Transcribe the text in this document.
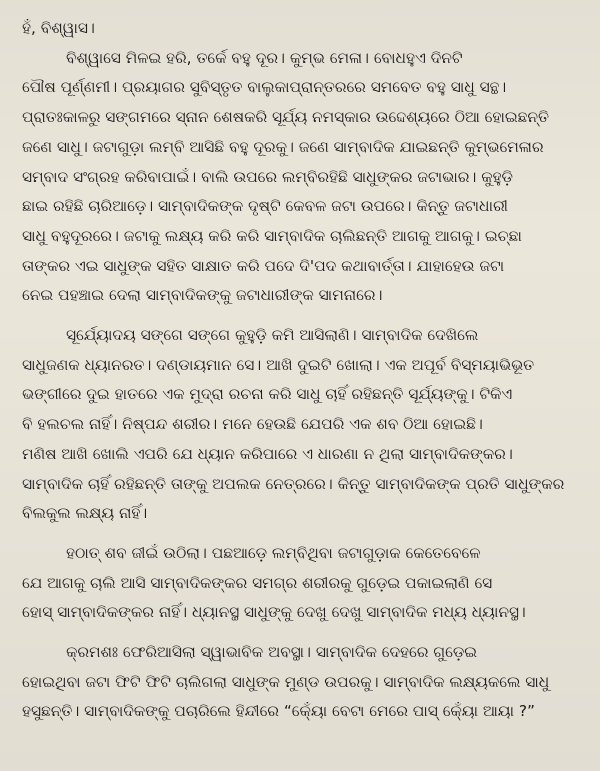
ହଁ, ବିଶ୍ୱାସ।

ବିଶ୍ୱାସେ ମିଳଇ ହରି, ତର୍କେ ବହୁ ଦୂର। କୁମ୍ଭ ମେଳା। ବୋଧହୁଏ ଦିନଟି
ପୌଷ ପୂର୍ଣ୍ଣମୀ। ପ୍ରୟାଗର ସୁବିସ୍ତୃତ ବାଲୁକାପ୍ରାନ୍ତରରେ ସମବେତ ବହୁ ସାଧୁ ସନ୍ଥ।
ପ୍ରାତଃକାଳରୁ ସଙ୍ଗମରେ ସ୍ନାନ ଶେଷକରି ସୂର୍ଯ୍ୟ ନମସ୍କାର ଉଦ୍ଦେଶ୍ୟରେ ଠିଆ ହୋଇଛନ୍ତି
ଜଣେ ସାଧୁ। ଜଟାଗୁଡ଼ା ଲମ୍ବି ଆସିଛି ବହୁ ଦୂରକୁ। ଜଣେ ସାମ୍ବାଦିକ ଯାଇଛନ୍ତି କୁମ୍ଭମେଳାର
ସମ୍ବାଦ ସଂଗ୍ରହ କରିବାପାଇଁ। ବାଲି ଉପରେ ଲମ୍ବିରହିଛି ସାଧୁଙ୍କର ଜଟାଭାର। କୁହୁଡ଼ି
ଛାଇ ରହିଛି ଚାରିଆଡ଼େ। ସାମ୍ବାଦିକଙ୍କ ଦୃଷ୍ଟି କେବଳ ଜଟା ଉପରେ। କିନ୍ତୁ ଜଟାଧାରୀ
ସାଧୁ ବହୁଦୂରରେ। ଜଟାକୁ ଲକ୍ଷ୍ୟ କରି କରି ସାମ୍ବାଦିକ ଚାଲିଛନ୍ତି ଆଗକୁ ଆଗକୁ। ଇଚ୍ଛା
ତାଙ୍କର ଏଇ ସାଧୁଙ୍କ ସହିତ ସାକ୍ଷାତ କରି ପଦେ ଦି'ପଦ କଥାବାର୍ତ୍ତା। ଯାହାହେଉ ଜଟା
ନେଇ ପହଞ୍ଚାଇ ଦେଲା ସାମ୍ବାଦିକଙ୍କୁ ଜଟାଧାରୀଙ୍କ ସାମନାରେ।

ସୂର୍ଯ୍ୟୋଦୟ ସଙ୍ଗେ ସଙ୍ଗେ କୁହୁଡ଼ି କମି ଆସିଲାଣି। ସାମ୍ବାଦିକ ଦେଖିଲେ
ସାଧୁଜଣକ ଧ୍ୟାନରତ। ଦଣ୍ଡାୟମାନ ସେ। ଆଖି ଦୁଇଟି ଖୋଲା। ଏକ ଅପୂର୍ବ ବିସ୍ମୟାଭିଭୂତ
ଭଙ୍ଗୀରେ ଦୁଇ ହାତରେ ଏକ ମୁଦ୍ରା ରଚନା କରି ସାଧୁ ଚାହିଁ ରହିଛନ୍ତି ସୂର୍ଯ୍ୟଙ୍କୁ। ଟିକିଏ
ବି ହଲଚଲ ନାହିଁ। ନିଷ୍ପନ୍ଦ ଶରୀର। ମନେ ହେଉଛି ଯେପରି ଏକ ଶବ ଠିଆ ହୋଇଛି।
ମଣିଷ ଆଖି ଖୋଲି ଏପରି ଯେ ଧ୍ୟାନ କରିପାରେ ଏ ଧାରଣା ନ ଥିଲା ସାମ୍ବାଦିକଙ୍କର।
ସାମ୍ବାଦିକ ଚାହିଁ ରହିଛନ୍ତି ତାଙ୍କୁ ଅପଲକ ନେତ୍ରରେ। କିନ୍ତୁ ସାମ୍ବାଦିକଙ୍କ ପ୍ରତି ସାଧୁଙ୍କର
ବିଲକୁଲ ଲକ୍ଷ୍ୟ ନାହିଁ।

ହଠାତ୍ ଶବ ଜୀଇଁ ଉଠିଲା। ପଛଆଡ଼େ ଲମ୍ବିଥିବା ଜଟାଗୁଡ଼ାକ କେତେବେଳେ
ଯେ ଆଗକୁ ଚାଲି ଆସି ସାମ୍ବାଦିକଙ୍କର ସମଗ୍ର ଶରୀରକୁ ଗୁଡ଼େଇ ପକାଇଲାଣି ସେ
ହୋସ୍ ସାମ୍ବାଦିକଙ୍କର ନାହିଁ। ଧ୍ୟାନସ୍ଥ ସାଧୁଙ୍କୁ ଦେଖୁ ଦେଖୁ ସାମ୍ବାଦିକ ମଧ୍ୟ ଧ୍ୟାନସ୍ଥ।

କ୍ରମଶଃ ଫେରିଆସିଲା ସ୍ୱାଭାବିକ ଅବସ୍ଥା। ସାମ୍ବାଦିକ ଦେହରେ ଗୁଡ଼େଇ
ହୋଇଥିବା ଜଟା ଫିଟି ଫିଟି ଚାଲିଗଲା ସାଧୁଙ୍କ ମୁଣ୍ଡ ଉପରକୁ। ସାମ୍ବାଦିକ ଲକ୍ଷ୍ୟକଲେ ସାଧୁ
ହସୁଛନ୍ତି। ସାମ୍ବାଦିକଙ୍କୁ ପଚାରିଲେ ହିନ୍ଦୀରେ “କ୍ୟୋଁ ବେଟା ମେରେ ପାସ୍ କ୍ୟୋଁ ଆୟା ?”
